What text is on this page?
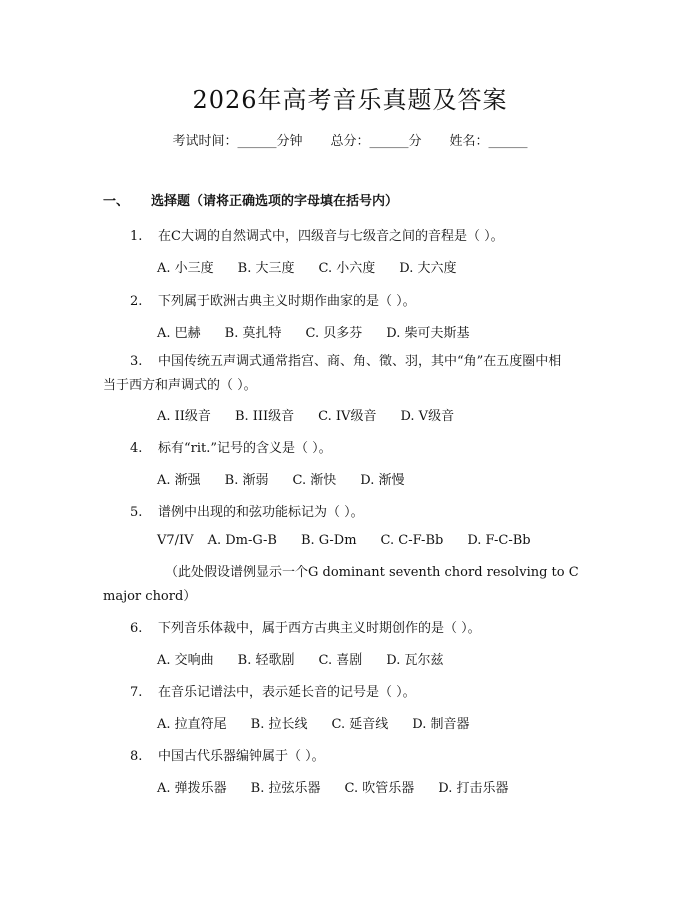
2026年高考音乐真题及答案
考试时间：______分钟 总分：______分 姓名：______
一、 选择题（请将正确选项的字母填在括号内）
1. 在C大调的自然调式中，四级音与七级音之间的音程是（ ）。
A. 小三度 B. 大三度 C. 小六度 D. 大六度
2. 下列属于欧洲古典主义时期作曲家的是（ ）。
A. 巴赫 B. 莫扎特 C. 贝多芬 D. 柴可夫斯基
3. 中国传统五声调式通常指宫、商、角、徵、羽，其中“角”在五度圈中相
当于西方和声调式的（ ）。
A. II级音 B. III级音 C. IV级音 D. V级音
4. 标有“rit.”记号的含义是（ ）。
A. 渐强 B. 渐弱 C. 渐快 D. 渐慢
5. 谱例中出现的和弦功能标记为（ ）。
V7/IV A. Dm-G-B B. G-Dm C. C-F-Bb D. F-C-Bb
（此处假设谱例显示一个G dominant seventh chord resolving to C
major chord）
6. 下列音乐体裁中，属于西方古典主义时期创作的是（ ）。
A. 交响曲 B. 轻歌剧 C. 喜剧 D. 瓦尔兹
7. 在音乐记谱法中，表示延长音的记号是（ ）。
A. 拉直符尾 B. 拉长线 C. 延音线 D. 制音器
8. 中国古代乐器编钟属于（ ）。
A. 弹拨乐器 B. 拉弦乐器 C. 吹管乐器 D. 打击乐器
